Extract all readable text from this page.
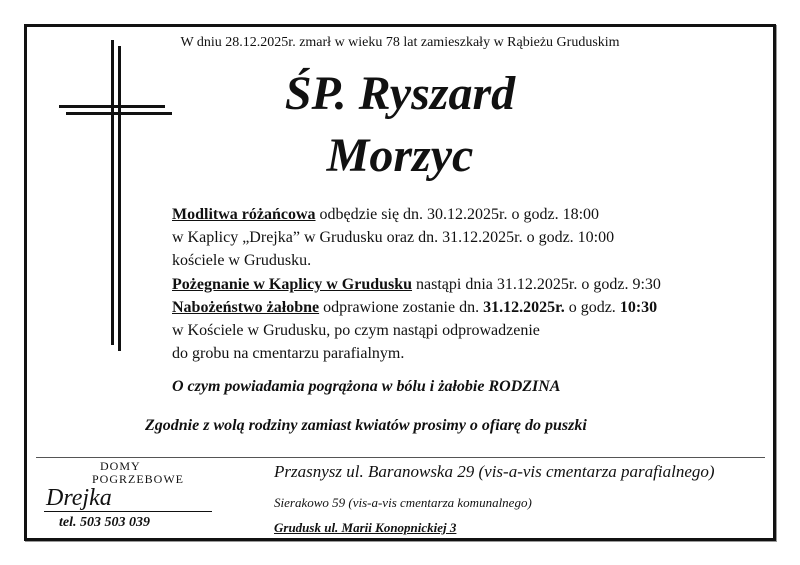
W dniu 28.12.2025r. zmarł w wieku 78 lat zamieszkały w Rąbieżu Gruduskim
ŚP. Ryszard
Morzyc
Modlitwa różańcowa odbędzie się dn. 30.12.2025r. o godz. 18:00
w Kaplicy „Drejka” w Grudusku oraz dn. 31.12.2025r. o godz. 10:00
kościele w Grudusku.
Pożegnanie w Kaplicy w Grudusku nastąpi dnia 31.12.2025r. o godz. 9:30
Nabożeństwo żałobne odprawione zostanie dn. 31.12.2025r. o godz. 10:30
w Kościele w Grudusku, po czym nastąpi odprowadzenie
do grobu na cmentarzu parafialnym.
O czym powiadamia pogrążona w bólu i żałobie RODZINA
Zgodnie z wolą rodziny zamiast kwiatów prosimy o ofiarę do puszki
DOMY
POGRZEBOWE
Drejka
tel. 503 503 039
Przasnysz ul. Baranowska 29 (vis-a-vis cmentarza parafialnego)
Sierakowo 59 (vis-a-vis cmentarza komunalnego)
Grudusk ul. Marii Konopnickiej 3
